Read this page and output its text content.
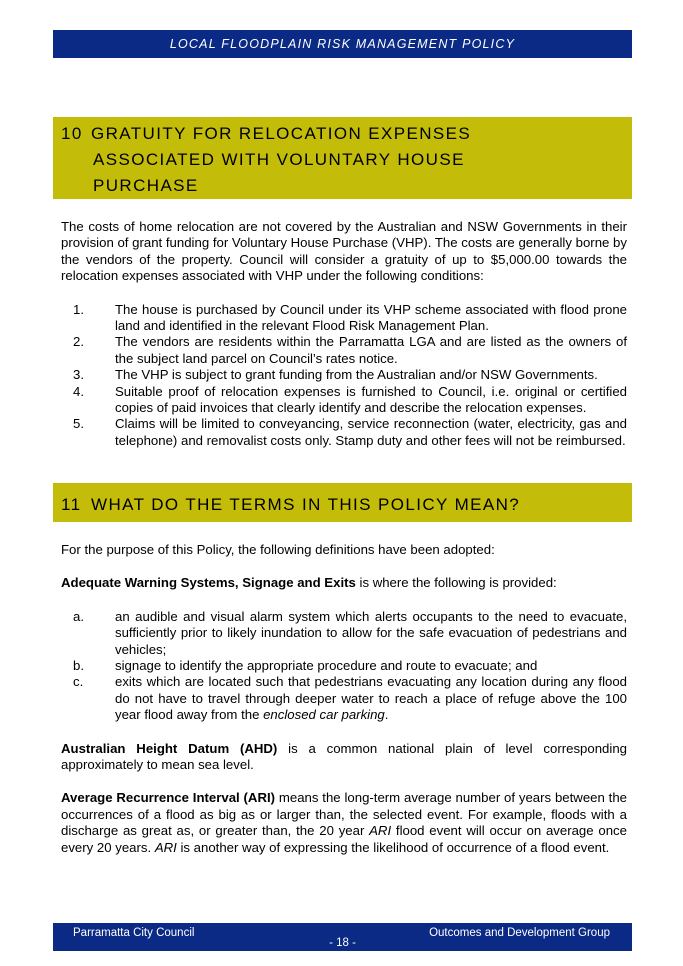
LOCAL FLOODPLAIN RISK MANAGEMENT POLICY
10 GRATUITY FOR RELOCATION EXPENSES
ASSOCIATED WITH VOLUNTARY HOUSE
PURCHASE

The costs of home relocation are not covered by the Australian and NSW Governments in their provision of grant funding for Voluntary House Purchase (VHP). The costs are generally borne by the vendors of the property. Council will consider a gratuity of up to $5,000.00 towards the relocation expenses associated with VHP under the following conditions:

1. The house is purchased by Council under its VHP scheme associated with flood prone land and identified in the relevant Flood Risk Management Plan.
2. The vendors are residents within the Parramatta LGA and are listed as the owners of the subject land parcel on Council’s rates notice.
3. The VHP is subject to grant funding from the Australian and/or NSW Governments.
4. Suitable proof of relocation expenses is furnished to Council, i.e. original or certified copies of paid invoices that clearly identify and describe the relocation expenses.
5. Claims will be limited to conveyancing, service reconnection (water, electricity, gas and telephone) and removalist costs only. Stamp duty and other fees will not be reimbursed.
11 WHAT DO THE TERMS IN THIS POLICY MEAN?

For the purpose of this Policy, the following definitions have been adopted:

Adequate Warning Systems, Signage and Exits is where the following is provided:

a. an audible and visual alarm system which alerts occupants to the need to evacuate, sufficiently prior to likely inundation to allow for the safe evacuation of pedestrians and vehicles;
b. signage to identify the appropriate procedure and route to evacuate; and
c. exits which are located such that pedestrians evacuating any location during any flood do not have to travel through deeper water to reach a place of refuge above the 100 year flood away from the enclosed car parking.

Australian Height Datum (AHD) is a common national plain of level corresponding approximately to mean sea level.

Average Recurrence Interval (ARI) means the long-term average number of years between the occurrences of a flood as big as or larger than, the selected event. For example, floods with a discharge as great as, or greater than, the 20 year ARI flood event will occur on average once every 20 years. ARI is another way of expressing the likelihood of occurrence of a flood event.

Parramatta City Council	Outcomes and Development Group
- 18 -
